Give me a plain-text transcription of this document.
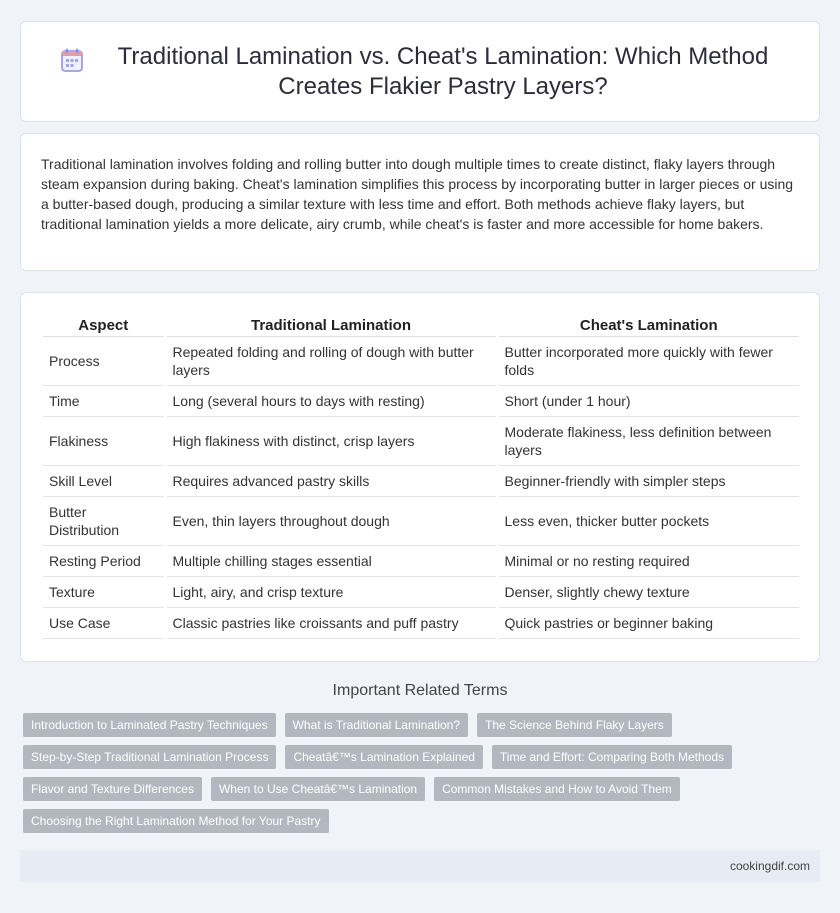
Traditional Lamination vs. Cheat's Lamination: Which Method Creates Flakier Pastry Layers?

Traditional lamination involves folding and rolling butter into dough multiple times to create distinct, flaky layers through steam expansion during baking. Cheat's lamination simplifies this process by incorporating butter in larger pieces or using a butter-based dough, producing a similar texture with less time and effort. Both methods achieve flaky layers, but traditional lamination yields a more delicate, airy crumb, while cheat's is faster and more accessible for home bakers.

Aspect	Traditional Lamination	Cheat's Lamination
Process	Repeated folding and rolling of dough with butter layers	Butter incorporated more quickly with fewer folds
Time	Long (several hours to days with resting)	Short (under 1 hour)
Flakiness	High flakiness with distinct, crisp layers	Moderate flakiness, less definition between layers
Skill Level	Requires advanced pastry skills	Beginner-friendly with simpler steps
Butter Distribution	Even, thin layers throughout dough	Less even, thicker butter pockets
Resting Period	Multiple chilling stages essential	Minimal or no resting required
Texture	Light, airy, and crisp texture	Denser, slightly chewy texture
Use Case	Classic pastries like croissants and puff pastry	Quick pastries or beginner baking
Important Related Terms
Introduction to Laminated Pastry Techniques	What is Traditional Lamination?	The Science Behind Flaky Layers
Step-by-Step Traditional Lamination Process	Cheatâ€™s Lamination Explained	Time and Effort: Comparing Both Methods
Flavor and Texture Differences	When to Use Cheatâ€™s Lamination	Common Mistakes and How to Avoid Them
Choosing the Right Lamination Method for Your Pastry
cookingdif.com
